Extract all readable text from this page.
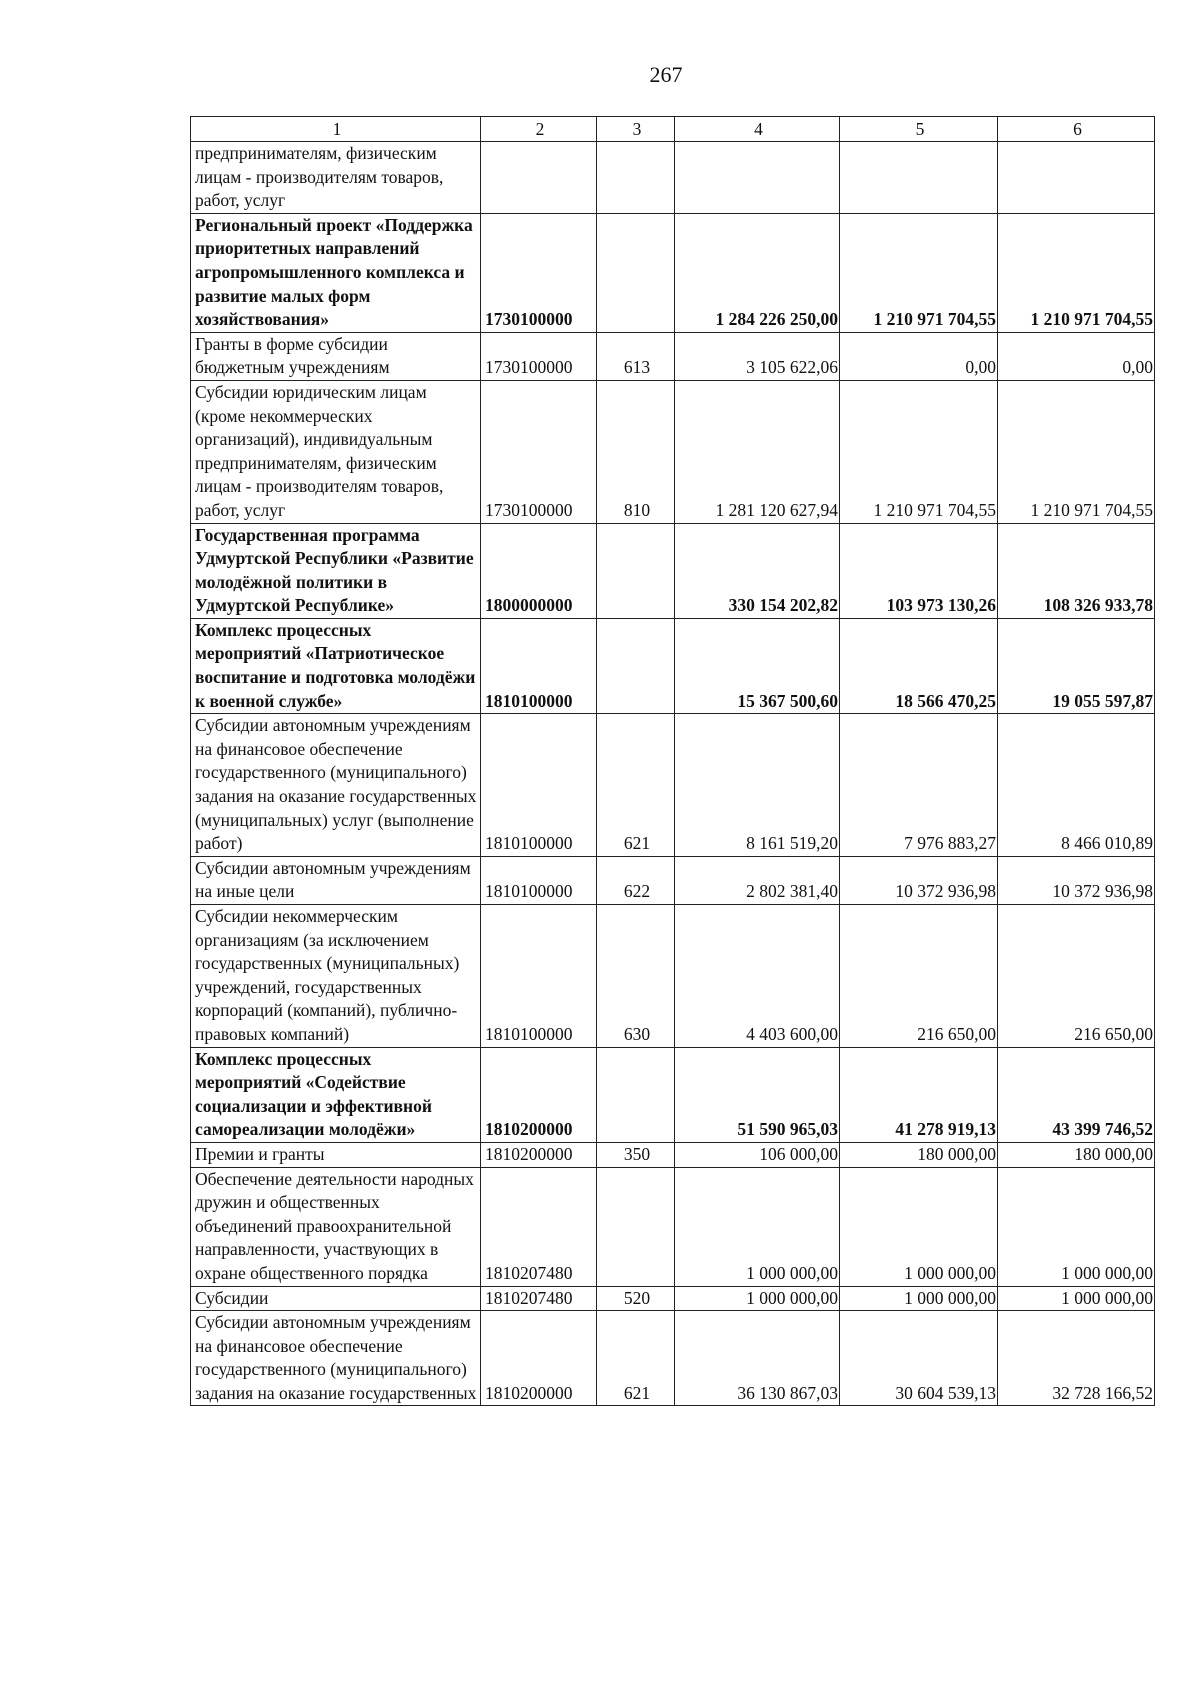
267
1	2	3	4	5	6
предпринимателям, физическим лицам - производителям товаров, работ, услуг					
Региональный проект «Поддержка приоритетных направлений агропромышленного комплекса и развитие малых форм хозяйствования»	1730100000		1 284 226 250,00	1 210 971 704,55	1 210 971 704,55
Гранты в форме субсидии бюджетным учреждениям	1730100000	613	3 105 622,06	0,00	0,00
Субсидии юридическим лицам (кроме некоммерческих организаций), индивидуальным предпринимателям, физическим лицам - производителям товаров, работ, услуг	1730100000	810	1 281 120 627,94	1 210 971 704,55	1 210 971 704,55
Государственная программа Удмуртской Республики «Развитие молодёжной политики в Удмуртской Республике»	1800000000		330 154 202,82	103 973 130,26	108 326 933,78
Комплекс процессных мероприятий «Патриотическое воспитание и подготовка молодёжи к военной службе»	1810100000		15 367 500,60	18 566 470,25	19 055 597,87
Субсидии автономным учреждениям на финансовое обеспечение государственного (муниципального) задания на оказание государственных (муниципальных) услуг (выполнение работ)	1810100000	621	8 161 519,20	7 976 883,27	8 466 010,89
Субсидии автономным учреждениям на иные цели	1810100000	622	2 802 381,40	10 372 936,98	10 372 936,98
Субсидии некоммерческим организациям (за исключением государственных (муниципальных) учреждений, государственных корпораций (компаний), публично-правовых компаний)	1810100000	630	4 403 600,00	216 650,00	216 650,00
Комплекс процессных мероприятий «Содействие социализации и эффективной самореализации молодёжи»	1810200000		51 590 965,03	41 278 919,13	43 399 746,52
Премии и гранты	1810200000	350	106 000,00	180 000,00	180 000,00
Обеспечение деятельности народных дружин и общественных объединений правоохранительной направленности, участвующих в охране общественного порядка	1810207480		1 000 000,00	1 000 000,00	1 000 000,00
Субсидии	1810207480	520	1 000 000,00	1 000 000,00	1 000 000,00
Субсидии автономным учреждениям на финансовое обеспечение государственного (муниципального) задания на оказание государственных	1810200000	621	36 130 867,03	30 604 539,13	32 728 166,52
